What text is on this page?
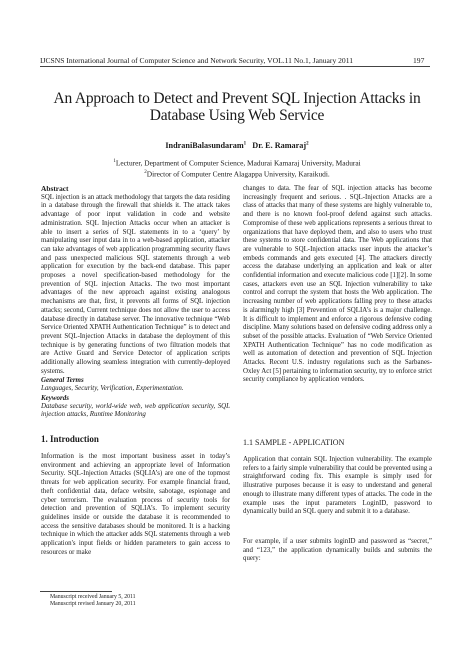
IJCSNS International Journal of Computer Science and Network Security, VOL.11 No.1, January 2011	197
An Approach to Detect and Prevent SQL Injection Attacks in
Database Using Web Service
IndraniBalasundaram$^1$ Dr. E. Ramaraj$^2$
$^1$Lecturer, Department of Computer Science, Madurai Kamaraj University, Madurai
$^2$Director of Computer Centre Alagappa University, Karaikudi.
Abstract

SQL injection is an attack methodology that targets the data residing in a database through the firewall that shields it. The attack takes advantage of poor input validation in code and website administration. SQL Injection Attacks occur when an attacker is able to insert a series of SQL statements in to a ‘query’ by manipulating user input data in to a web-based application, attacker can take advantages of web application programming security flaws and pass unexpected malicious SQL statements through a web application for execution by the back-end database. This paper proposes a novel specification-based methodology for the prevention of SQL injection Attacks. The two most important advantages of the new approach against existing analogous mechanisms are that, first, it prevents all forms of SQL injection attacks; second, Current technique does not allow the user to access database directly in database server. The innovative technique “Web Service Oriented XPATH Authentication Technique” is to detect and prevent SQL-Injection Attacks in database the deployment of this technique is by generating functions of two filtration models that are Active Guard and Service Detector of application scripts additionally allowing seamless integration with currently-deployed systems.

General Terms

Languages, Security, Verification, Experimentation.

Keywords

Database security, world-wide web, web application security, SQL injection attacks, Runtime Monitoring

1. Introduction
Information is the most important business asset in today’s environment and achieving an appropriate level of Information Security. SQL-Injection Attacks (SQLIA’s) are one of the topmost threats for web application security. For example financial fraud, theft confidential data, deface website, sabotage, espionage and cyber terrorism. The evaluation process of security tools for detection and prevention of SQLIA’s. To implement security guidelines inside or outside the database it is recommended to access the sensitive databases should be monitored. It is a hacking technique in which the attacker adds SQL statements through a web application's input fields or hidden parameters to gain access to resources or make
changes to data. The fear of SQL injection attacks has become increasingly frequent and serious. . SQL-Injection Attacks are a class of attacks that many of these systems are highly vulnerable to, and there is no known fool-proof defend against such attacks. Compromise of these web applications represents a serious threat to organizations that have deployed them, and also to users who trust these systems to store confidential data. The Web applications that are vulnerable to SQL-Injection attacks user inputs the attacker’s embeds commands and gets executed [4]. The attackers directly access the database underlying an application and leak or alter confidential information and execute malicious code [1][2]. In some cases, attackers even use an SQL Injection vulnerability to take control and corrupt the system that hosts the Web application. The increasing number of web applications falling prey to these attacks is alarmingly high [3] Prevention of SQLIA’s is a major challenge. It is difficult to implement and enforce a rigorous defensive coding discipline. Many solutions based on defensive coding address only a subset of the possible attacks. Evaluation of “Web Service Oriented XPATH Authentication Technique” has no code modification as well as automation of detection and prevention of SQL Injection Attacks. Recent U.S. industry regulations such as the Sarbanes-Oxley Act [5] pertaining to information security, try to enforce strict security compliance by application vendors.
1.1 SAMPLE - APPLICATION
Application that contain SQL Injection vulnerability. The example refers to a fairly simple vulnerability that could be prevented using a straightforward coding fix. This example is simply used for illustrative purposes because it is easy to understand and general enough to illustrate many different types of attacks. The code in the example uses the input parameters LoginID, password to dynamically build an SQL query and submit it to a database.
For example, if a user submits loginID and password as “secret,” and “123,” the application dynamically builds and submits the query:
Manuscript received January 5, 2011
Manuscript revised January 20, 2011
